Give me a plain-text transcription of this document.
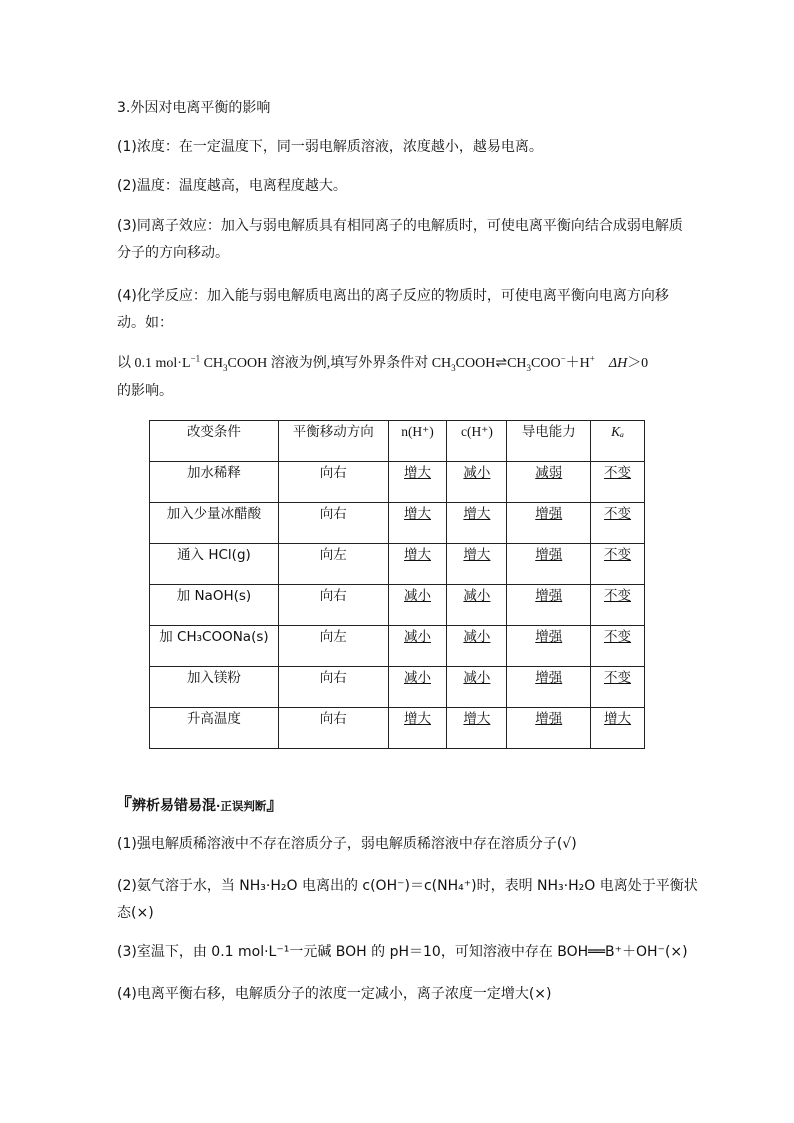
3.外因对电离平衡的影响
(1)浓度：在一定温度下，同一弱电解质溶液，浓度越小，越易电离。
(2)温度：温度越高，电离程度越大。
(3)同离子效应：加入与弱电解质具有相同离子的电解质时，可使电离平衡向结合成弱电解质
分子的方向移动。
(4)化学反应：加入能与弱电解质电离出的离子反应的物质时，可使电离平衡向电离方向移
动。如：
以 0.1 $mol\cdot L^{-1}$ $CH_3COOH$ 溶液为例,填写外界条件对 $CH_3COOH\rightleftharpoons CH_3COO^-+H^+$ ΔH＞0
的影响。
改变条件	平衡移动方向	n(H⁺)	c(H⁺)	导电能力	Kₐ

加水稀释	向右	增大	减小	减弱	不变

加入少量冰醋酸	向右	增大	增大	增强	不变

通入 HCl(g)	向左	增大	增大	增强	不变

加 NaOH(s)	向右	减小	减小	增强	不变

加 CH₃COONa(s)	向左	减小	减小	增强	不变

加入镁粉	向右	减小	减小	增强	不变

升高温度	向右	增大	增大	增强	增大
『辨析易错易混·正误判断』
(1)强电解质稀溶液中不存在溶质分子，弱电解质稀溶液中存在溶质分子(√)
(2)氨气溶于水，当 NH₃·H₂O 电离出的 c(OH⁻)＝c(NH₄⁺)时，表明 NH₃·H₂O 电离处于平衡状
态(×)
(3)室温下，由 0.1 mol·L⁻¹一元碱 BOH 的 pH＝10，可知溶液中存在 BOH══B⁺＋OH⁻(×)
(4)电离平衡右移，电解质分子的浓度一定减小，离子浓度一定增大(×)
